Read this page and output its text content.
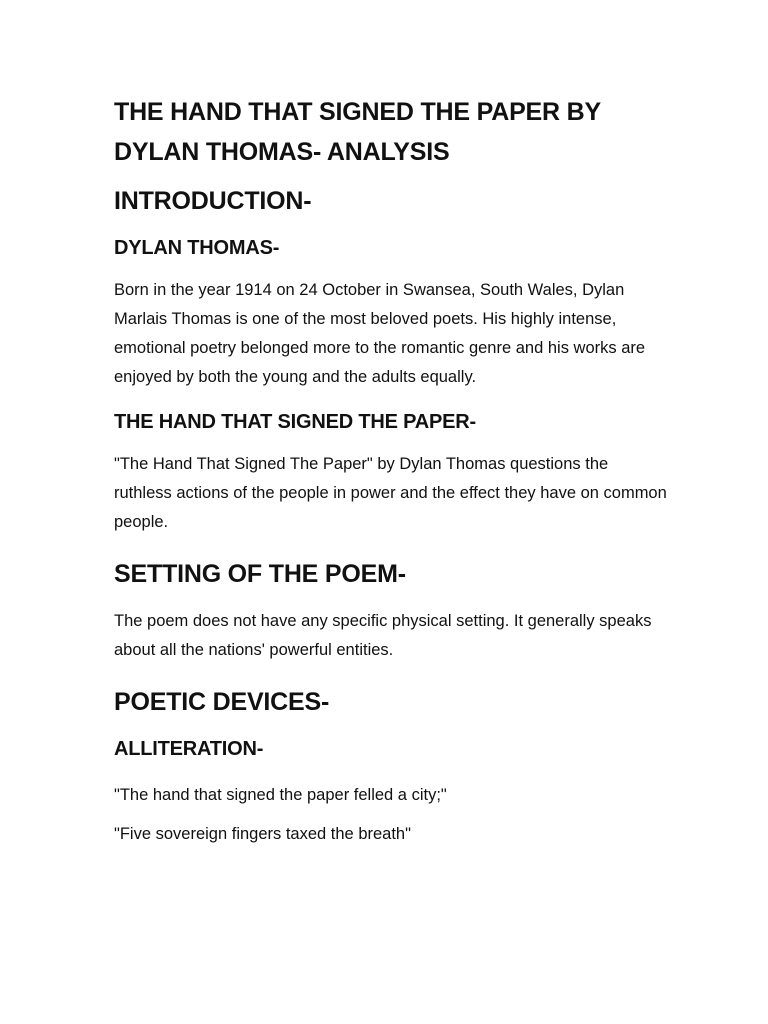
THE HAND THAT SIGNED THE PAPER BY DYLAN THOMAS- ANALYSIS
INTRODUCTION-
DYLAN THOMAS-

Born in the year 1914 on 24 October in Swansea, South Wales, Dylan Marlais Thomas is one of the most beloved poets. His highly intense, emotional poetry belonged more to the romantic genre and his works are enjoyed by both the young and the adults equally.

THE HAND THAT SIGNED THE PAPER-

"The Hand That Signed The Paper" by Dylan Thomas questions the ruthless actions of the people in power and the effect they have on common people.

SETTING OF THE POEM-

The poem does not have any specific physical setting. It generally speaks about all the nations' powerful entities.

POETIC DEVICES-
ALLITERATION-

"The hand that signed the paper felled a city;"

"Five sovereign fingers taxed the breath"
